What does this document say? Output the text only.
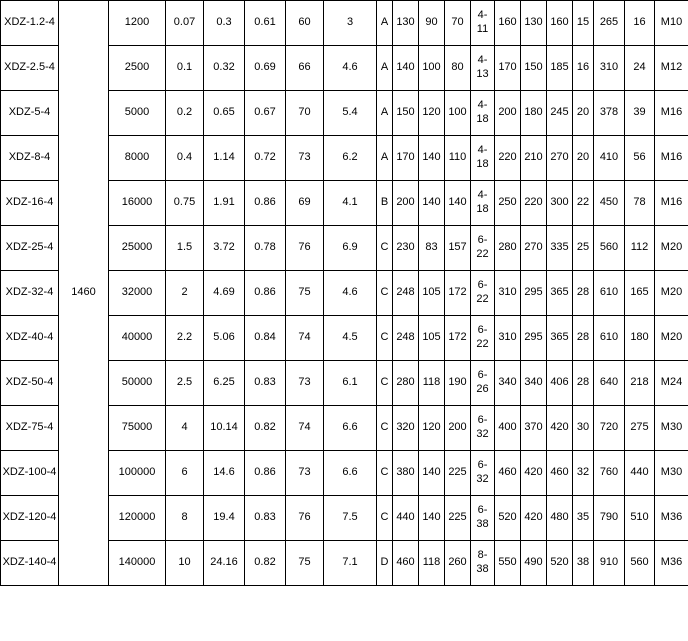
XDZ-1.2-4	1460	1200	0.07	0.3	0.61	60	3	A	130	90	70	4-11	160	130	160	15	265	16	M10
XDZ-2.5-4		2500	0.1	0.32	0.69	66	4.6	A	140	100	80	4-13	170	150	185	16	310	24	M12
XDZ-5-4		5000	0.2	0.65	0.67	70	5.4	A	150	120	100	4-18	200	180	245	20	378	39	M16
XDZ-8-4		8000	0.4	1.14	0.72	73	6.2	A	170	140	110	4-18	220	210	270	20	410	56	M16
XDZ-16-4		16000	0.75	1.91	0.86	69	4.1	B	200	140	140	4-18	250	220	300	22	450	78	M16
XDZ-25-4		25000	1.5	3.72	0.78	76	6.9	C	230	83	157	6-22	280	270	335	25	560	112	M20
XDZ-32-4		32000	2	4.69	0.86	75	4.6	C	248	105	172	6-22	310	295	365	28	610	165	M20
XDZ-40-4		40000	2.2	5.06	0.84	74	4.5	C	248	105	172	6-22	310	295	365	28	610	180	M20
XDZ-50-4		50000	2.5	6.25	0.83	73	6.1	C	280	118	190	6-26	340	340	406	28	640	218	M24
XDZ-75-4		75000	4	10.14	0.82	74	6.6	C	320	120	200	6-32	400	370	420	30	720	275	M30
XDZ-100-4		100000	6	14.6	0.86	73	6.6	C	380	140	225	6-32	460	420	460	32	760	440	M30
XDZ-120-4		120000	8	19.4	0.83	76	7.5	C	440	140	225	6-38	520	420	480	35	790	510	M36
XDZ-140-4		140000	10	24.16	0.82	75	7.1	D	460	118	260	8-38	550	490	520	38	910	560	M36
